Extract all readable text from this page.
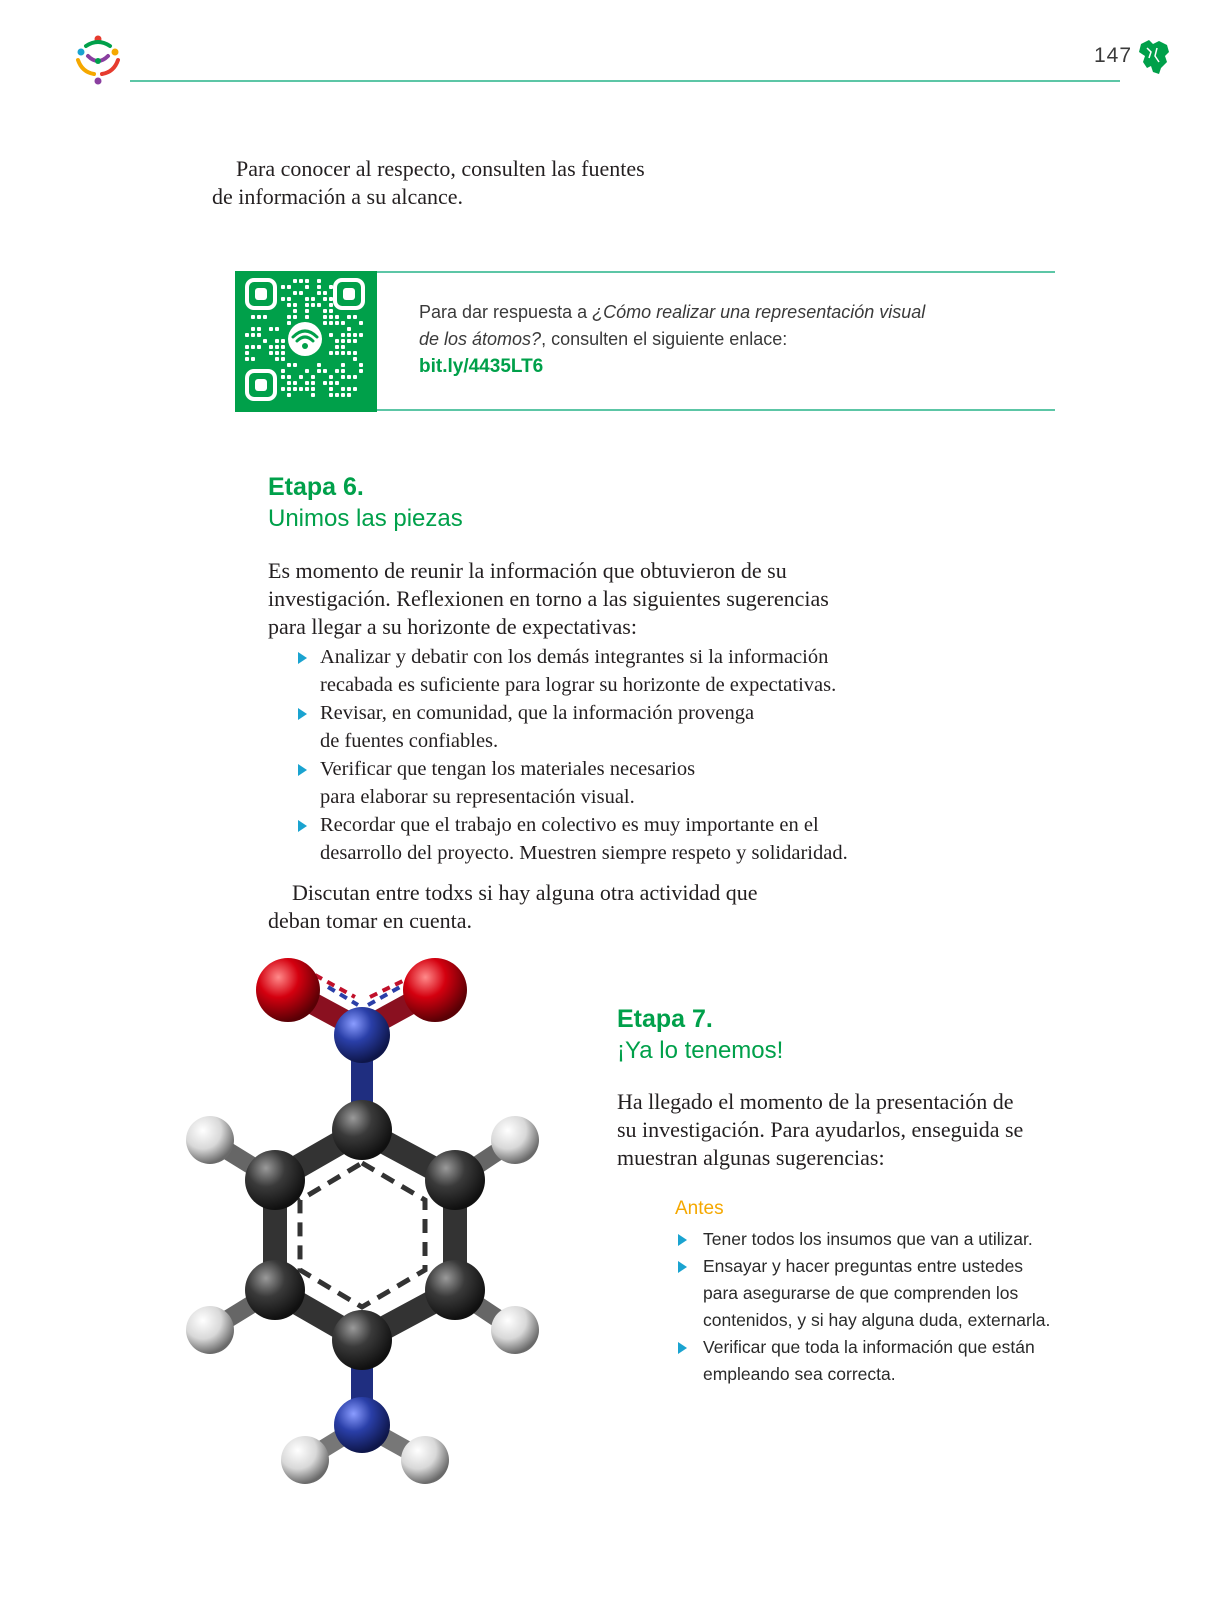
147

Para conocer al respecto, consulten las fuentes

de información a su alcance.

Para dar respuesta a ¿Cómo realizar una representación visual
de los átomos?, consulten el siguiente enlace:
bit.ly/4435LT6
Etapa 6.
Unimos las piezas

Es momento de reunir la información que obtuvieron de su

investigación. Reflexionen en torno a las siguientes sugerencias

para llegar a su horizonte de expectativas:

Analizar y debatir con los demás integrantes si la información
recabada es suficiente para lograr su horizonte de expectativas.
Revisar, en comunidad, que la información provenga
de fuentes confiables.
Verificar que tengan los materiales necesarios
para elaborar su representación visual.
Recordar que el trabajo en colectivo es muy importante en el
desarrollo del proyecto. Muestren siempre respeto y solidaridad.

Discutan entre todxs si hay alguna otra actividad que

deban tomar en cuenta.

Etapa 7.
¡Ya lo tenemos!

Ha llegado el momento de la presentación de

su investigación. Para ayudarlos, enseguida se

muestran algunas sugerencias:

Antes
Tener todos los insumos que van a utilizar.
Ensayar y hacer preguntas entre ustedes
para asegurarse de que comprenden los
contenidos, y si hay alguna duda, externarla.
Verificar que toda la información que están
empleando sea correcta.
